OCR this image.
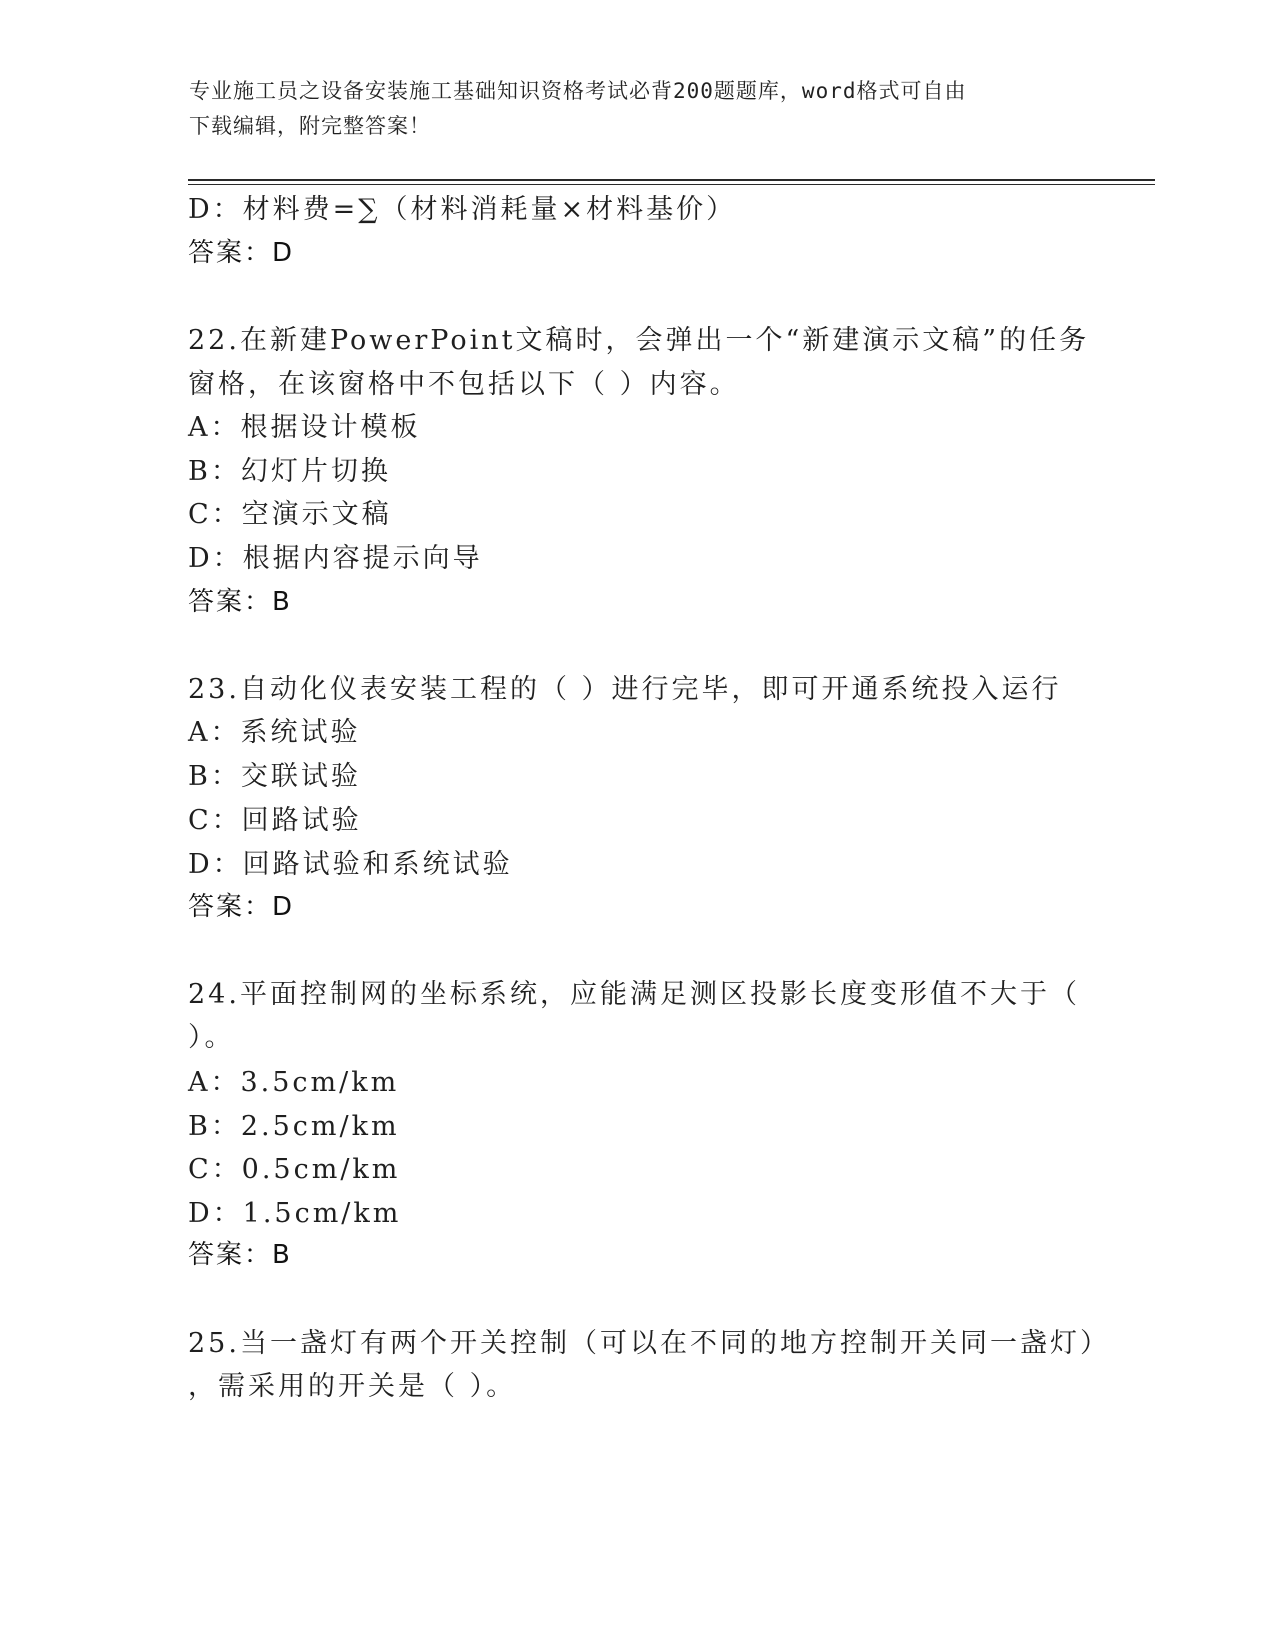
专业施工员之设备安装施工基础知识资格考试必背200题题库，word格式可自由
下载编辑，附完整答案！
D：材料费=∑（材料消耗量×材料基价）
答案：D
22.在新建PowerPoint文稿时，会弹出一个“新建演示文稿”的任务
窗格，在该窗格中不包括以下（ ）内容。
A：根据设计模板
B：幻灯片切换
C：空演示文稿
D：根据内容提示向导
答案：B
23.自动化仪表安装工程的（ ）进行完毕，即可开通系统投入运行
A：系统试验
B：交联试验
C：回路试验
D：回路试验和系统试验
答案：D
24.平面控制网的坐标系统，应能满足测区投影长度变形值不大于（
）。
A：3.5cm/km
B：2.5cm/km
C：0.5cm/km
D：1.5cm/km
答案：B
25.当一盏灯有两个开关控制（可以在不同的地方控制开关同一盏灯）
，需采用的开关是（ ）。
